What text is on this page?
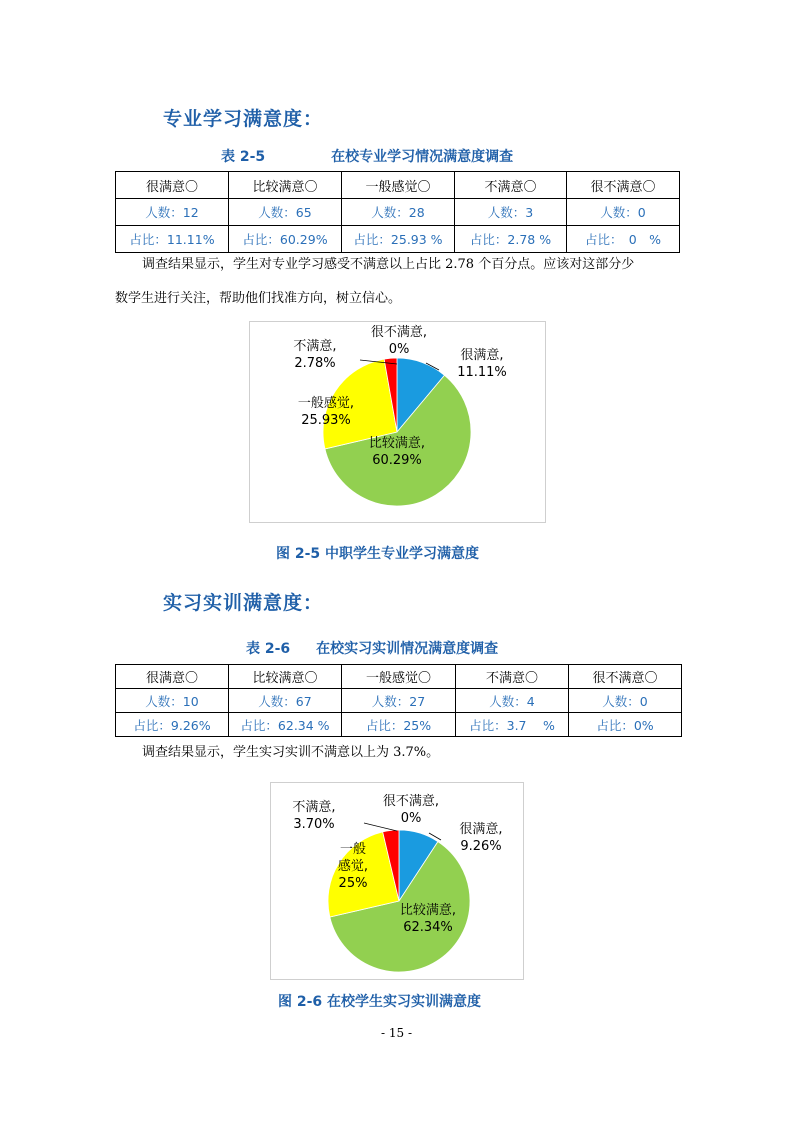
专业学习满意度：
表 2-5	在校专业学习情况满意度调查
很满意〇	比较满意〇	一般感觉〇	不满意〇	很不满意〇
人数：12	人数：65	人数：28	人数：3	人数：0
占比：11.11%	占比：60.29%	占比：25.93 %	占比：2.78 %	占比：　0　%
调查结果显示，学生对专业学习感受不满意以上占比 2.78 个百分点。应该对这部分少
数学生进行关注，帮助他们找准方向，树立信心。
很满意, 11.11%
比较满意, 60.29%
一般感觉, 25.93%
不满意, 2.78%
很不满意, 0%
图 2-5 中职学生专业学习满意度
实习实训满意度：
表 2-6 在校实习实训情况满意度调查
很满意〇	比较满意〇	一般感觉〇	不满意〇	很不满意〇
人数：10	人数：67	人数：27	人数：4	人数：0
占比：9.26%	占比：62.34 %	占比：25%	占比：3.7　 %	占比：0%
调查结果显示，学生实习实训不满意以上为 3.7%。
很满意, 9.26%
比较满意, 62.34%
一般感觉, 25%
不满意, 3.70%
很不满意, 0%
图 2-6 在校学生实习实训满意度
- 15 -
